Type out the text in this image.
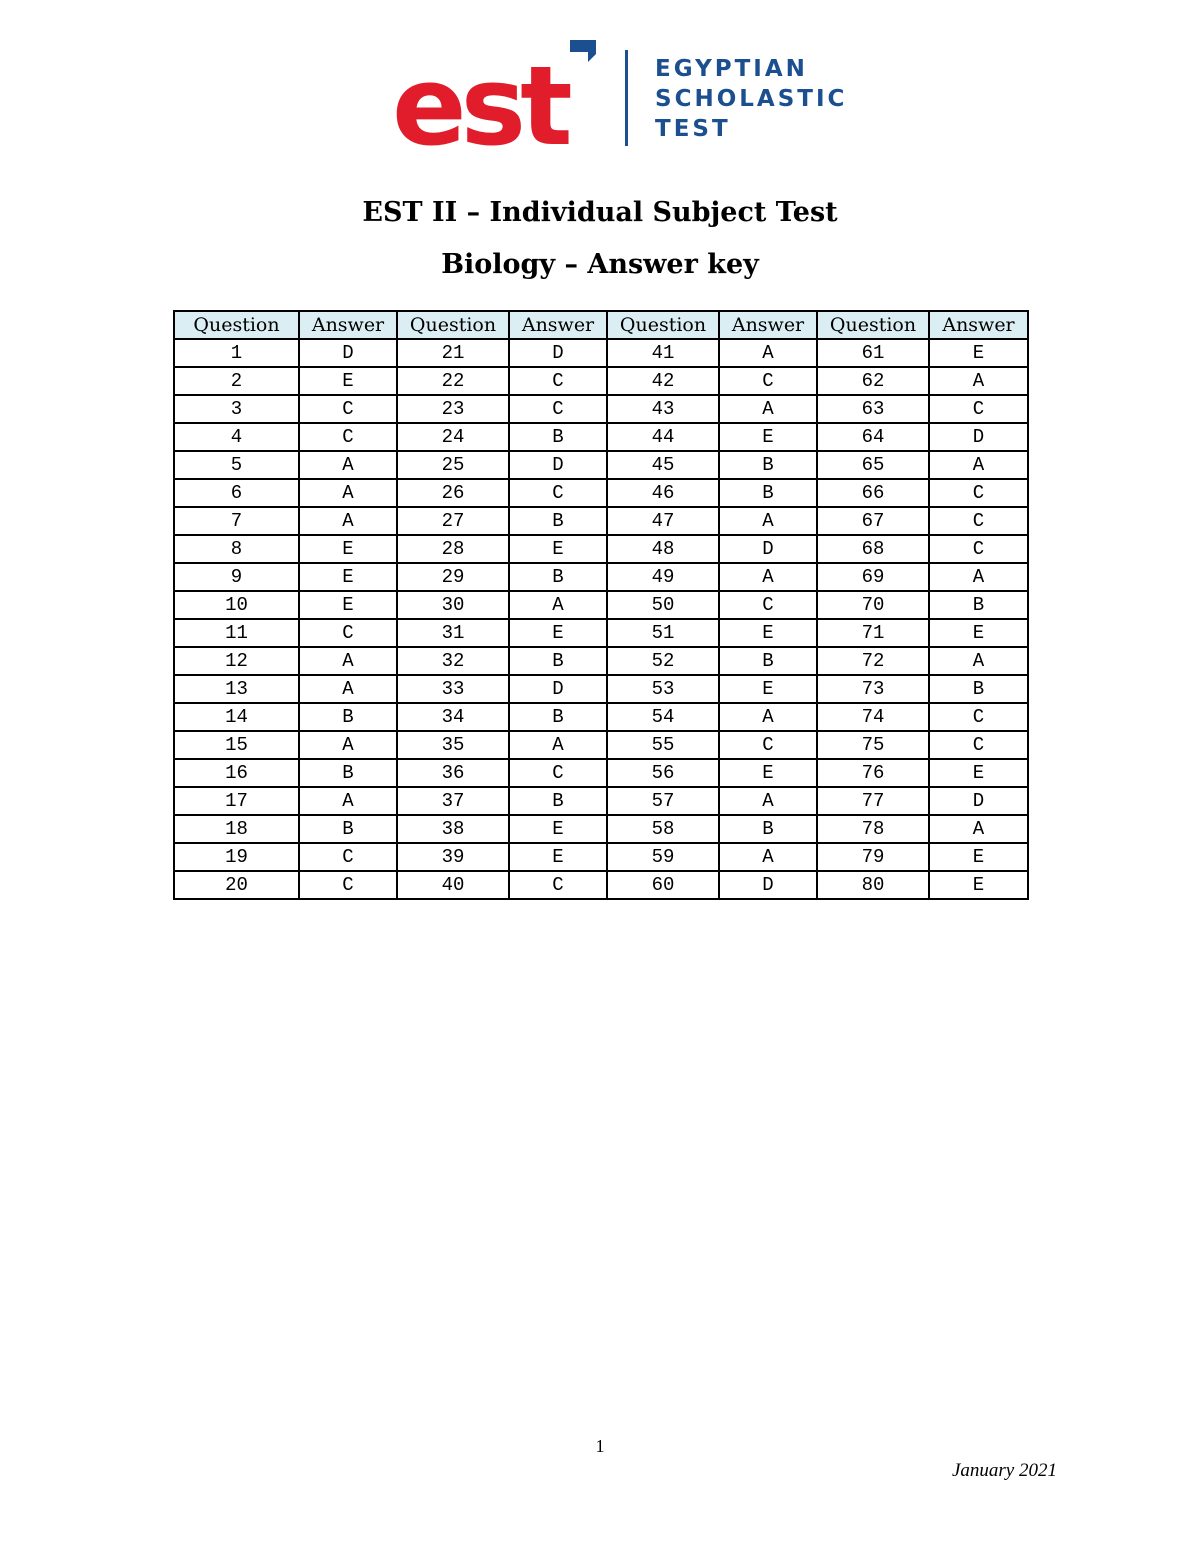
est	EGYPTIAN
SCHOLASTIC
TEST
EST II – Individual Subject Test
Biology – Answer key
Question	Answer	Question	Answer	Question	Answer	Question	Answer
1	D	21	D	41	A	61	E
2	E	22	C	42	C	62	A
3	C	23	C	43	A	63	C
4	C	24	B	44	E	64	D
5	A	25	D	45	B	65	A
6	A	26	C	46	B	66	C
7	A	27	B	47	A	67	C
8	E	28	E	48	D	68	C
9	E	29	B	49	A	69	A
10	E	30	A	50	C	70	B
11	C	31	E	51	E	71	E
12	A	32	B	52	B	72	A
13	A	33	D	53	E	73	B
14	B	34	B	54	A	74	C
15	A	35	A	55	C	75	C
16	B	36	C	56	E	76	E
17	A	37	B	57	A	77	D
18	B	38	E	58	B	78	A
19	C	39	E	59	A	79	E
20	C	40	C	60	D	80	E
1
January 2021
